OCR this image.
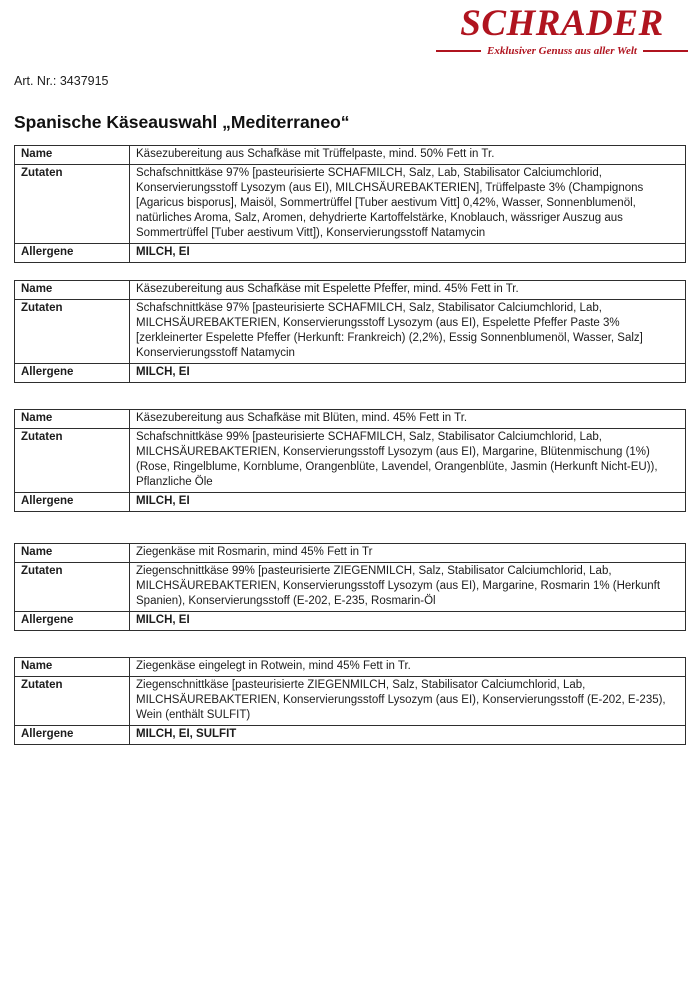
SCHRADER
Exklusiver Genuss aus aller Welt
Art. Nr.: 3437915
Spanische Käseauswahl „Mediterraneo“
Name	Käsezubereitung aus Schafkäse mit Trüffelpaste, mind. 50% Fett in Tr.
Zutaten	Schafschnittkäse 97% [pasteurisierte SCHAFMILCH, Salz, Lab, Stabilisator Calciumchlorid, Konservierungsstoff Lysozym (aus EI), MILCHSÄUREBAKTERIEN], Trüffelpaste 3% (Champignons [Agaricus bisporus], Maisöl, Sommertrüffel [Tuber aestivum Vitt] 0,42%, Wasser, Sonnenblumenöl, natürliches Aroma, Salz, Aromen, dehydrierte Kartoffelstärke, Knoblauch, wässriger Auszug aus Sommertrüffel [Tuber aestivum Vitt]), Konservierungsstoff Natamycin
Allergene	MILCH, EI
Name	Käsezubereitung aus Schafkäse mit Espelette Pfeffer, mind. 45% Fett in Tr.
Zutaten	Schafschnittkäse 97% [pasteurisierte SCHAFMILCH, Salz, Stabilisator Calciumchlorid, Lab, MILCHSÄUREBAKTERIEN, Konservierungsstoff Lysozym (aus EI), Espelette Pfeffer Paste 3% [zerkleinerter Espelette Pfeffer (Herkunft: Frankreich) (2,2%), Essig Sonnenblumenöl, Wasser, Salz] Konservierungsstoff Natamycin
Allergene	MILCH, EI
Name	Käsezubereitung aus Schafkäse mit Blüten, mind. 45% Fett in Tr.
Zutaten	Schafschnittkäse 99% [pasteurisierte SCHAFMILCH, Salz, Stabilisator Calciumchlorid, Lab, MILCHSÄUREBAKTERIEN, Konservierungsstoff Lysozym (aus EI), Margarine, Blütenmischung (1%) (Rose, Ringelblume, Kornblume, Orangenblüte, Lavendel, Orangenblüte, Jasmin (Herkunft Nicht-EU)), Pflanzliche Öle
Allergene	MILCH, EI
Name	Ziegenkäse mit Rosmarin, mind 45% Fett in Tr
Zutaten	Ziegenschnittkäse 99% [pasteurisierte ZIEGENMILCH, Salz, Stabilisator Calciumchlorid, Lab, MILCHSÄUREBAKTERIEN, Konservierungsstoff Lysozym (aus EI), Margarine, Rosmarin 1% (Herkunft Spanien), Konservierungsstoff (E-202, E-235, Rosmarin-Öl
Allergene	MILCH, EI
Name	Ziegenkäse eingelegt in Rotwein, mind 45% Fett in Tr.
Zutaten	Ziegenschnittkäse [pasteurisierte ZIEGENMILCH, Salz, Stabilisator Calciumchlorid, Lab, MILCHSÄUREBAKTERIEN, Konservierungsstoff Lysozym (aus EI), Konservierungsstoff (E-202, E-235), Wein (enthält SULFIT)
Allergene	MILCH, EI, SULFIT
